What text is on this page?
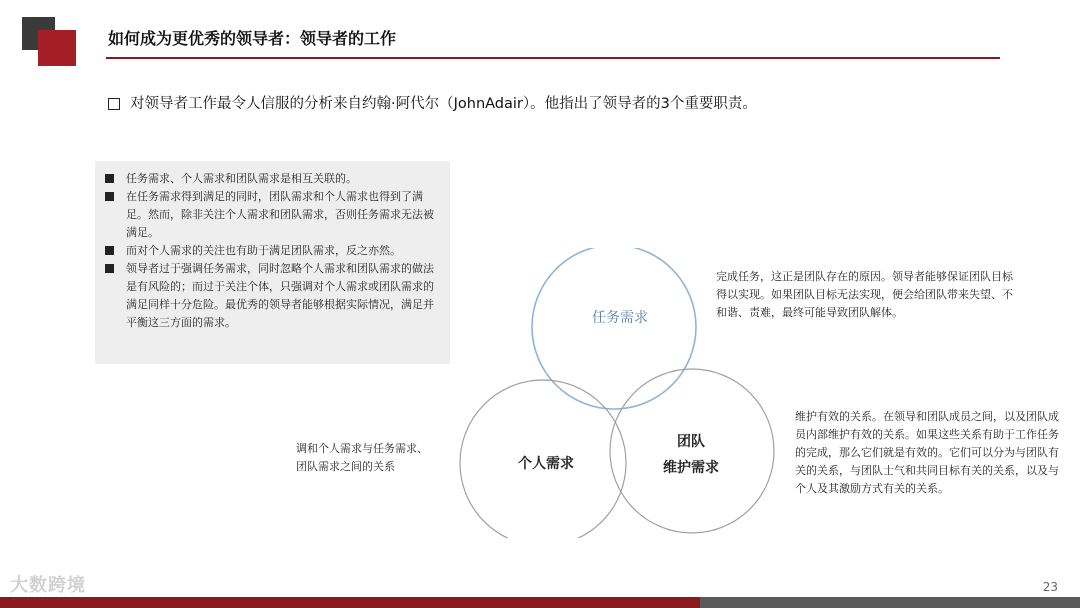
如何成为更优秀的领导者：领导者的工作
对领导者工作最令人信服的分析来自约翰·阿代尔（JohnAdair）。他指出了领导者的3个重要职责。
任务需求、个人需求和团队需求是相互关联的。
在任务需求得到满足的同时，团队需求和个人需求也得到了满足。然而，除非关注个人需求和团队需求，否则任务需求无法被满足。
而对个人需求的关注也有助于满足团队需求，反之亦然。
领导者过于强调任务需求，同时忽略个人需求和团队需求的做法是有风险的；而过于关注个体，只强调对个人需求或团队需求的满足同样十分危险。最优秀的领导者能够根据实际情况，满足并平衡这三方面的需求。	任务需求
个人需求
团队
维护需求
完成任务，这正是团队存在的原因。领导者能够保证团队目标得以实现。如果团队目标无法实现，便会给团队带来失望、不和谐、责难，最终可能导致团队解体。
调和个人需求与任务需求、团队需求之间的关系
维护有效的关系。在领导和团队成员之间，以及团队成员内部维护有效的关系。如果这些关系有助于工作任务的完成，那么它们就是有效的。它们可以分为与团队有关的关系，与团队士气和共同目标有关的关系，以及与个人及其激励方式有关的关系。
大数跨境	23
